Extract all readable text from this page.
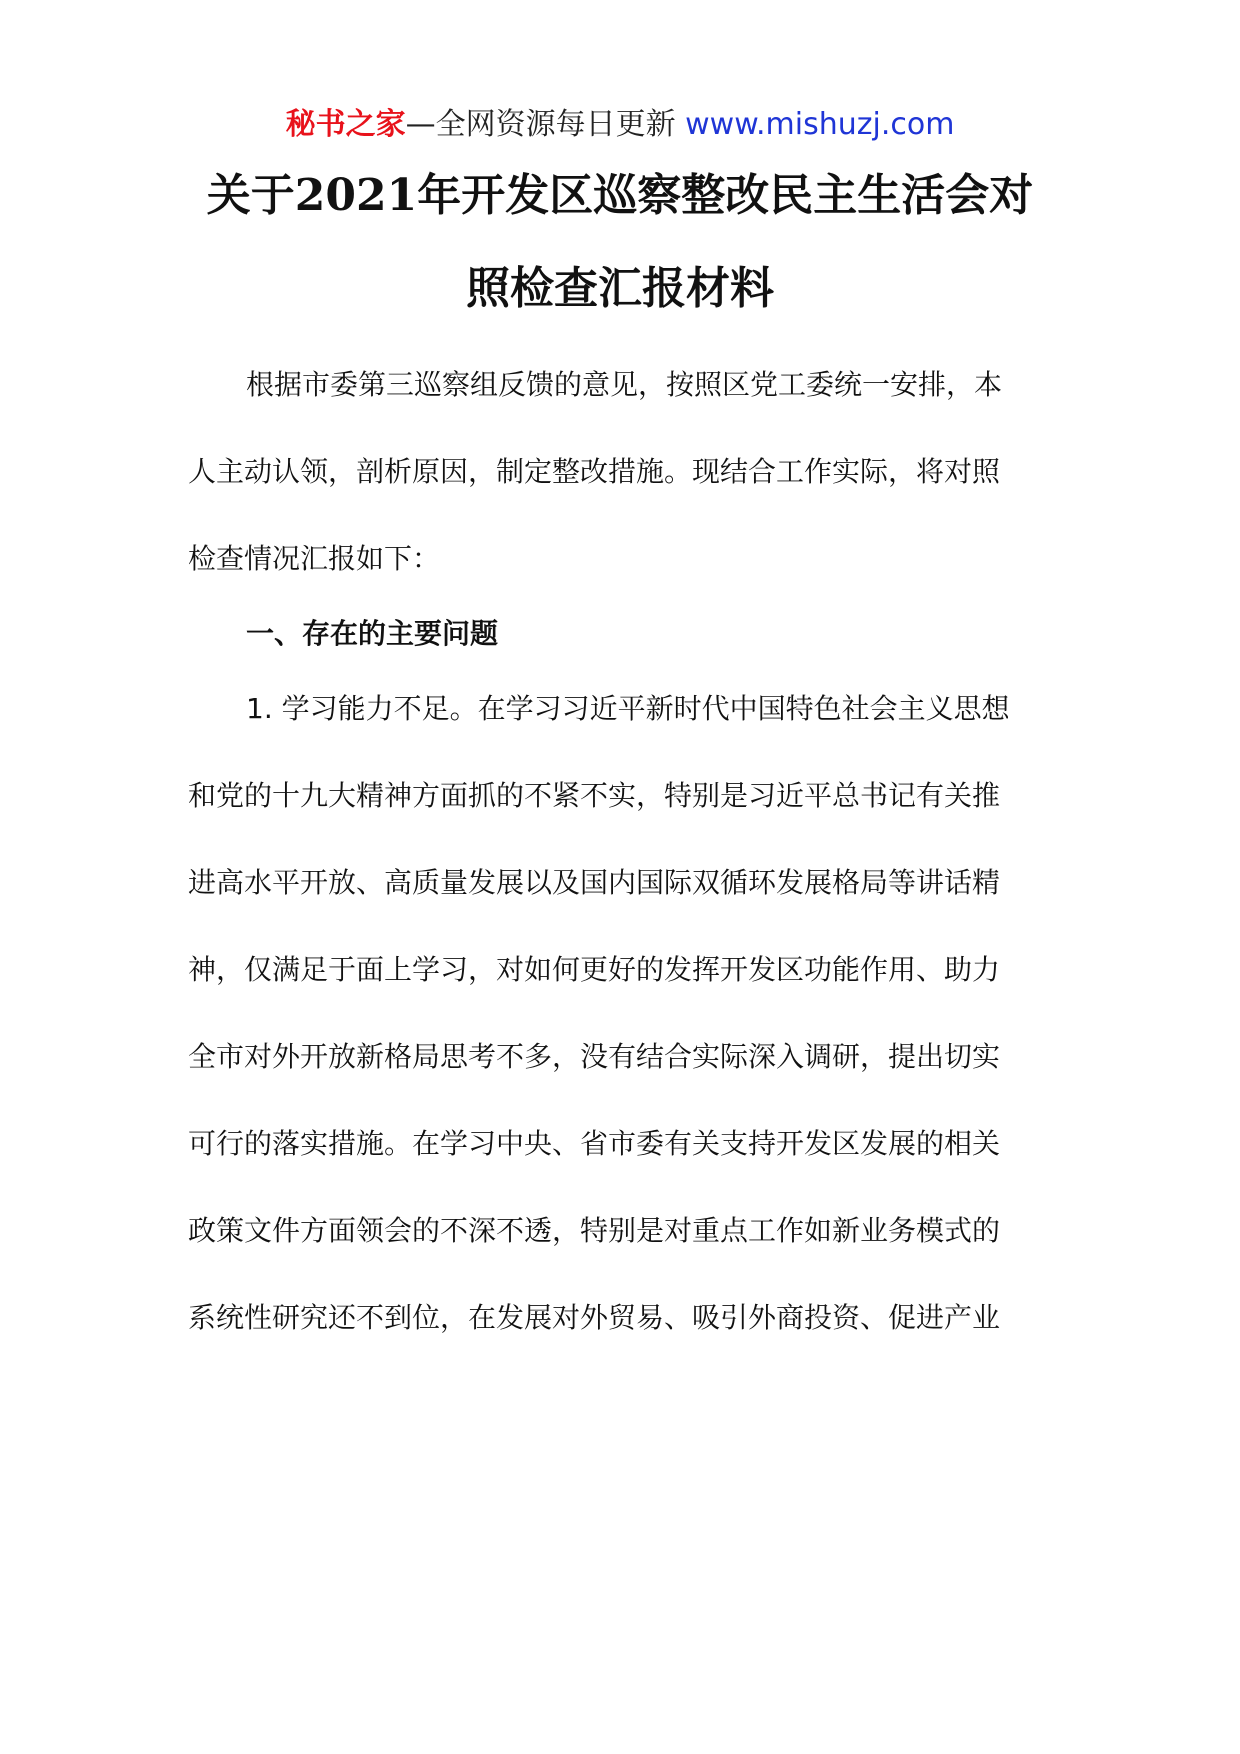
秘书之家—全网资源每日更新 www.mishuzj.com
关于2021年开发区巡察整改民主生活会对
照检查汇报材料
根据市委第三巡察组反馈的意见，按照区党工委统一安排，本
人主动认领，剖析原因，制定整改措施。现结合工作实际，将对照
检查情况汇报如下：
一、存在的主要问题
1. 学习能力不足。在学习习近平新时代中国特色社会主义思想
和党的十九大精神方面抓的不紧不实，特别是习近平总书记有关推
进高水平开放、高质量发展以及国内国际双循环发展格局等讲话精
神，仅满足于面上学习，对如何更好的发挥开发区功能作用、助力
全市对外开放新格局思考不多，没有结合实际深入调研，提出切实
可行的落实措施。在学习中央、省市委有关支持开发区发展的相关
政策文件方面领会的不深不透，特别是对重点工作如新业务模式的
系统性研究还不到位，在发展对外贸易、吸引外商投资、促进产业
